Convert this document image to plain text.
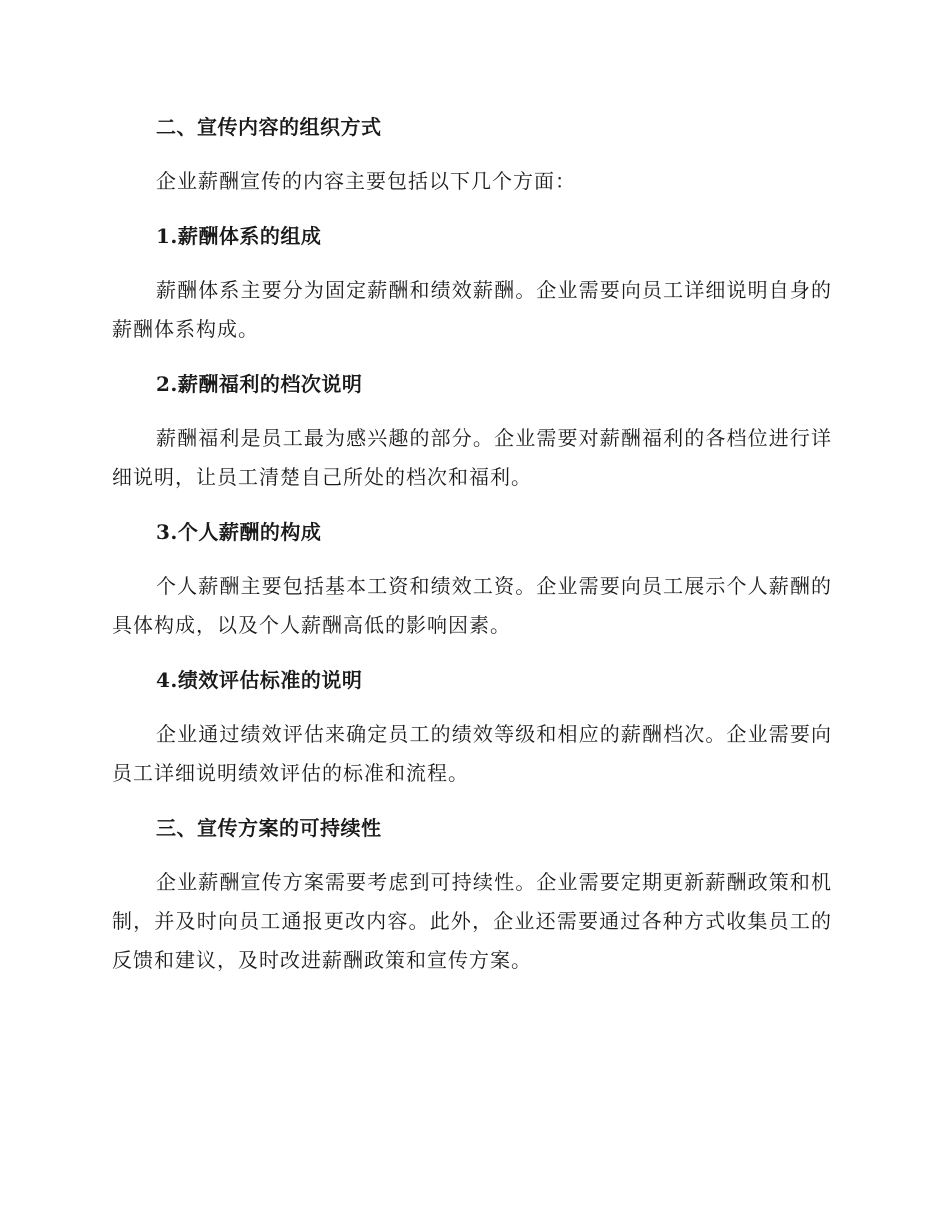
二、宣传内容的组织方式
企业薪酬宣传的内容主要包括以下几个方面：
1.薪酬体系的组成
薪酬体系主要分为固定薪酬和绩效薪酬。企业需要向员工详细说明自身的薪酬体系构成。
2.薪酬福利的档次说明
薪酬福利是员工最为感兴趣的部分。企业需要对薪酬福利的各档位进行详细说明，让员工清楚自己所处的档次和福利。
3.个人薪酬的构成
个人薪酬主要包括基本工资和绩效工资。企业需要向员工展示个人薪酬的具体构成，以及个人薪酬高低的影响因素。
4.绩效评估标准的说明
企业通过绩效评估来确定员工的绩效等级和相应的薪酬档次。企业需要向员工详细说明绩效评估的标准和流程。
三、宣传方案的可持续性
企业薪酬宣传方案需要考虑到可持续性。企业需要定期更新薪酬政策和机制，并及时向员工通报更改内容。此外，企业还需要通过各种方式收集员工的反馈和建议，及时改进薪酬政策和宣传方案。
